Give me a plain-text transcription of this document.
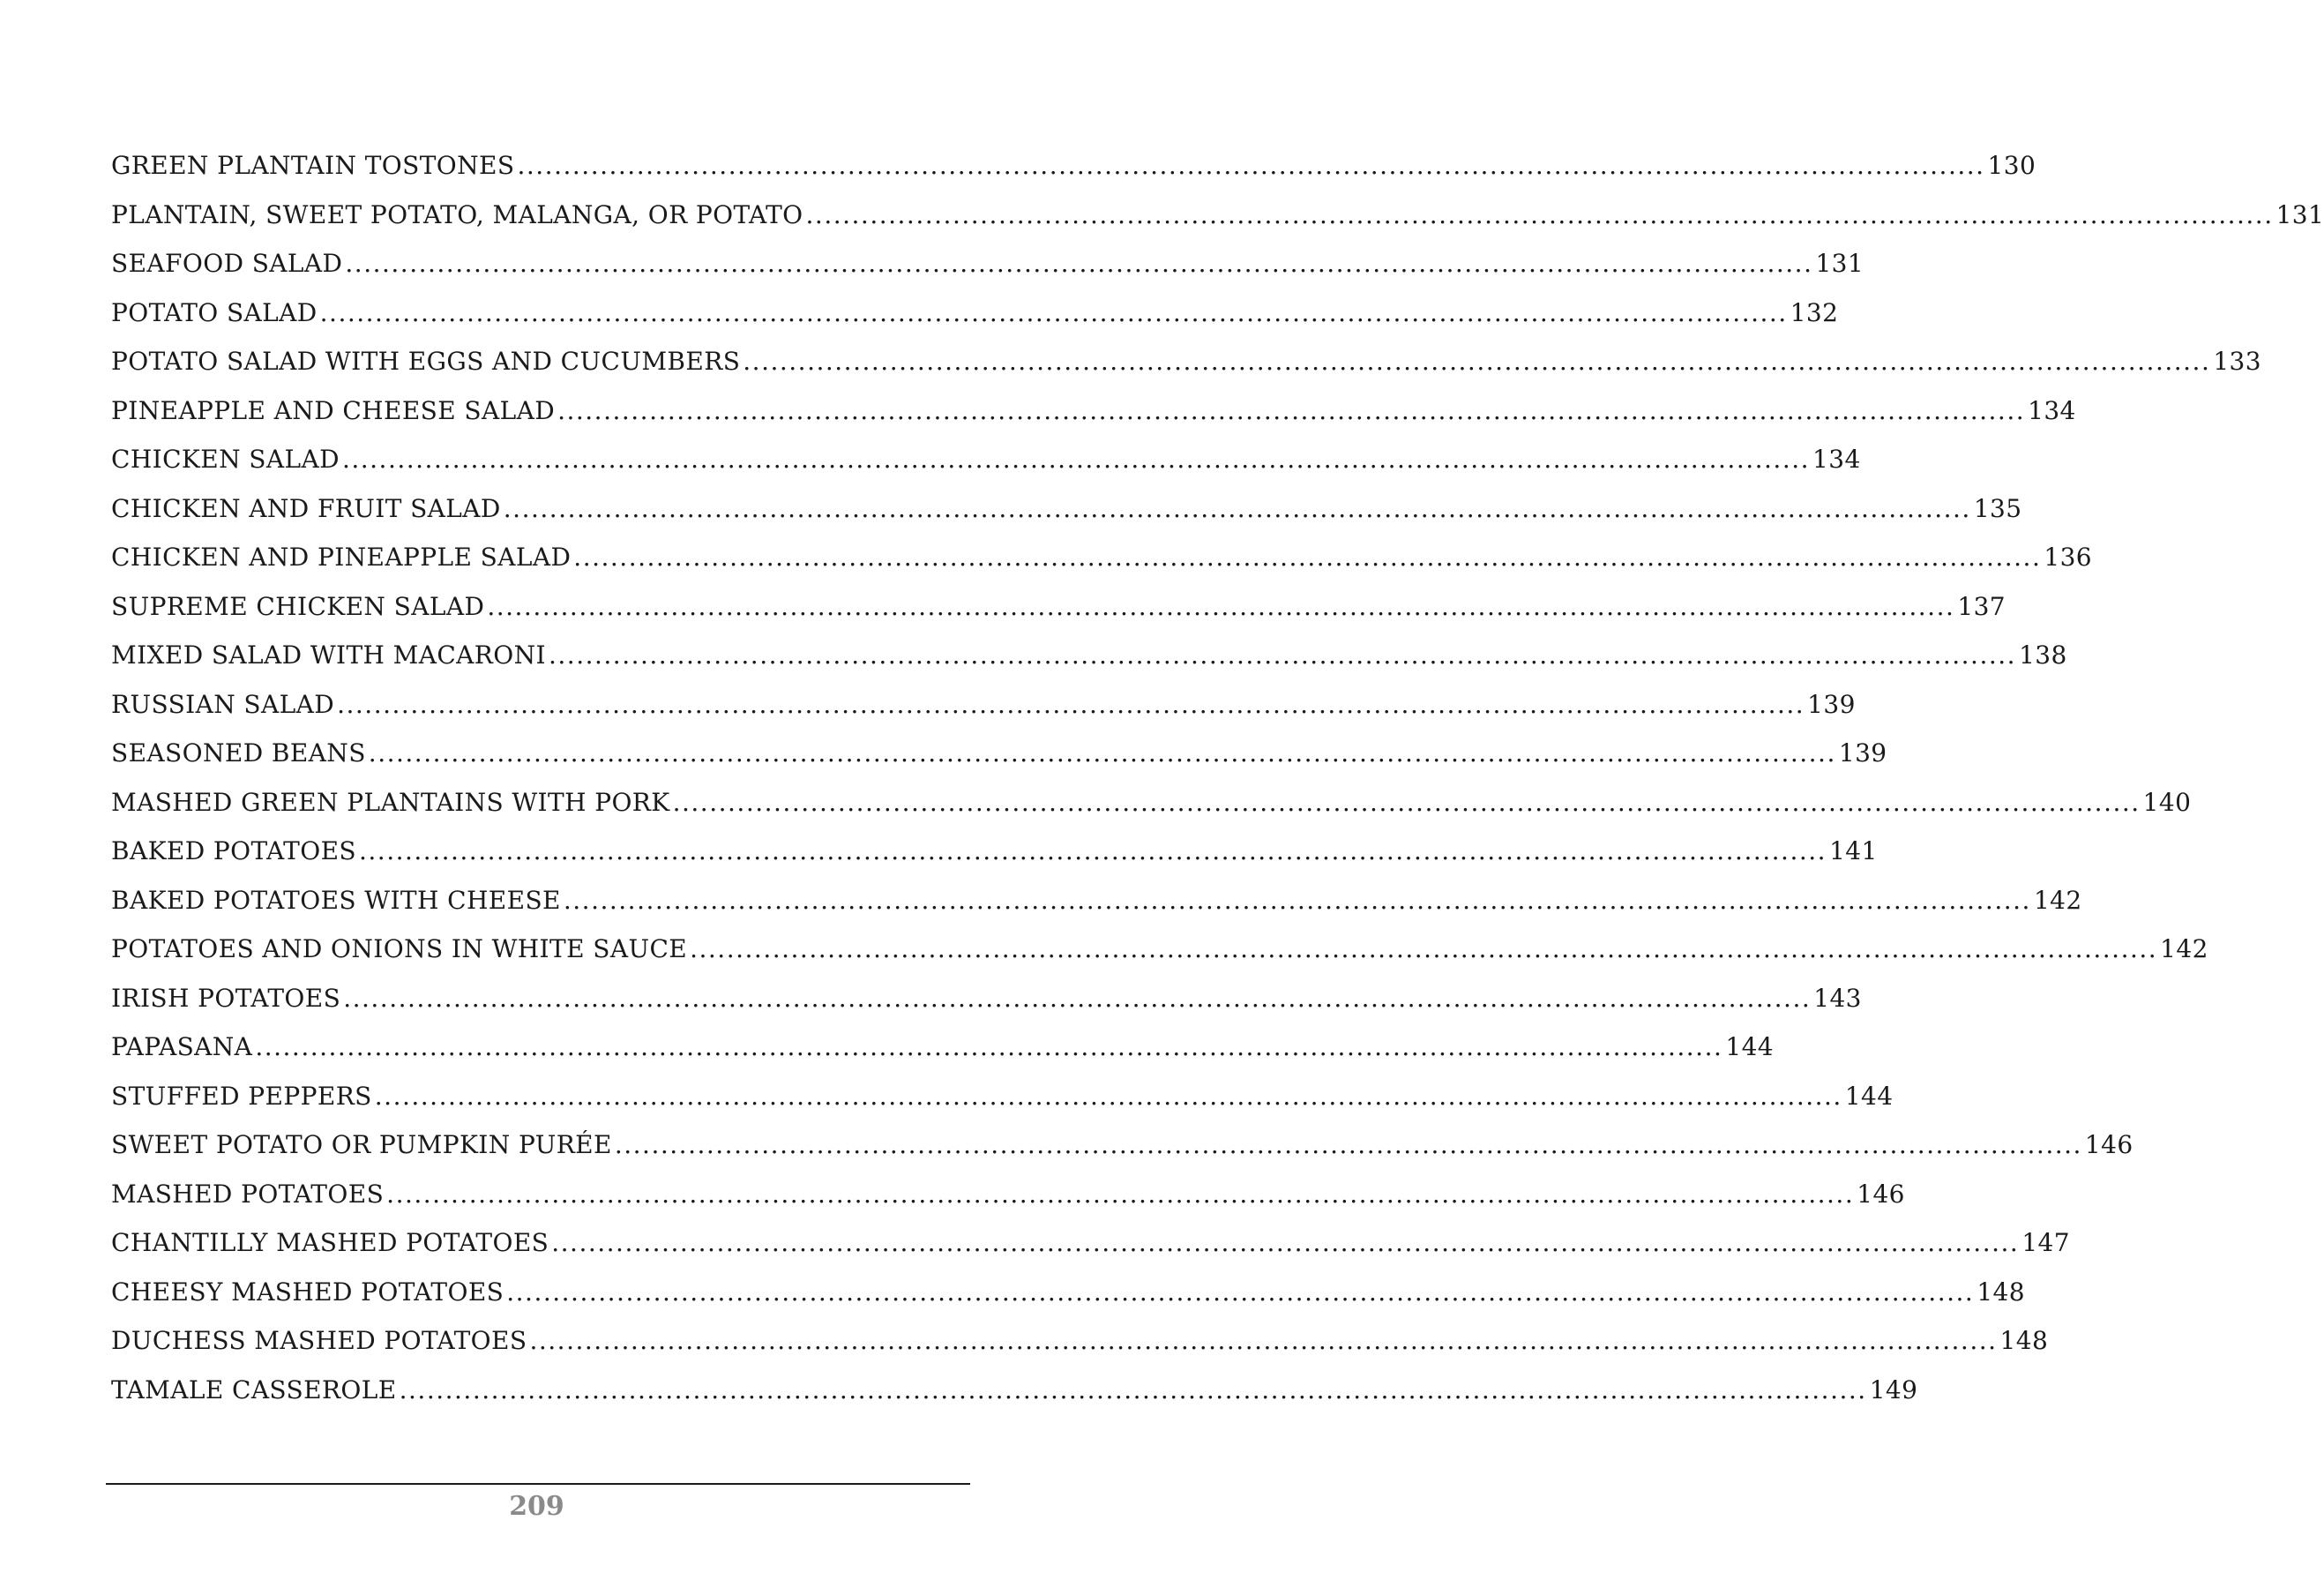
GREEN PLANTAIN TOSTONES ................................................................................................................................................................ 130
PLANTAIN, SWEET POTATO, MALANGA, OR POTATO ................................................................................................................................................................ 131
SEAFOOD SALAD ................................................................................................................................................................ 131
POTATO SALAD ................................................................................................................................................................ 132
POTATO SALAD WITH EGGS AND CUCUMBERS ................................................................................................................................................................ 133
PINEAPPLE AND CHEESE SALAD ................................................................................................................................................................ 134
CHICKEN SALAD ................................................................................................................................................................ 134
CHICKEN AND FRUIT SALAD ................................................................................................................................................................ 135
CHICKEN AND PINEAPPLE SALAD ................................................................................................................................................................ 136
SUPREME CHICKEN SALAD ................................................................................................................................................................ 137
MIXED SALAD WITH MACARONI ................................................................................................................................................................ 138
RUSSIAN SALAD ................................................................................................................................................................ 139
SEASONED BEANS ................................................................................................................................................................ 139
MASHED GREEN PLANTAINS WITH PORK ................................................................................................................................................................ 140
BAKED POTATOES ................................................................................................................................................................ 141
BAKED POTATOES WITH CHEESE ................................................................................................................................................................ 142
POTATOES AND ONIONS IN WHITE SAUCE ................................................................................................................................................................ 142
IRISH POTATOES ................................................................................................................................................................ 143
PAPASANA ................................................................................................................................................................ 144
STUFFED PEPPERS ................................................................................................................................................................ 144
SWEET POTATO OR PUMPKIN PURÉE ................................................................................................................................................................ 146
MASHED POTATOES ................................................................................................................................................................ 146
CHANTILLY MASHED POTATOES ................................................................................................................................................................ 147
CHEESY MASHED POTATOES ................................................................................................................................................................ 148
DUCHESS MASHED POTATOES ................................................................................................................................................................ 148
TAMALE CASSEROLE ................................................................................................................................................................ 149
209
